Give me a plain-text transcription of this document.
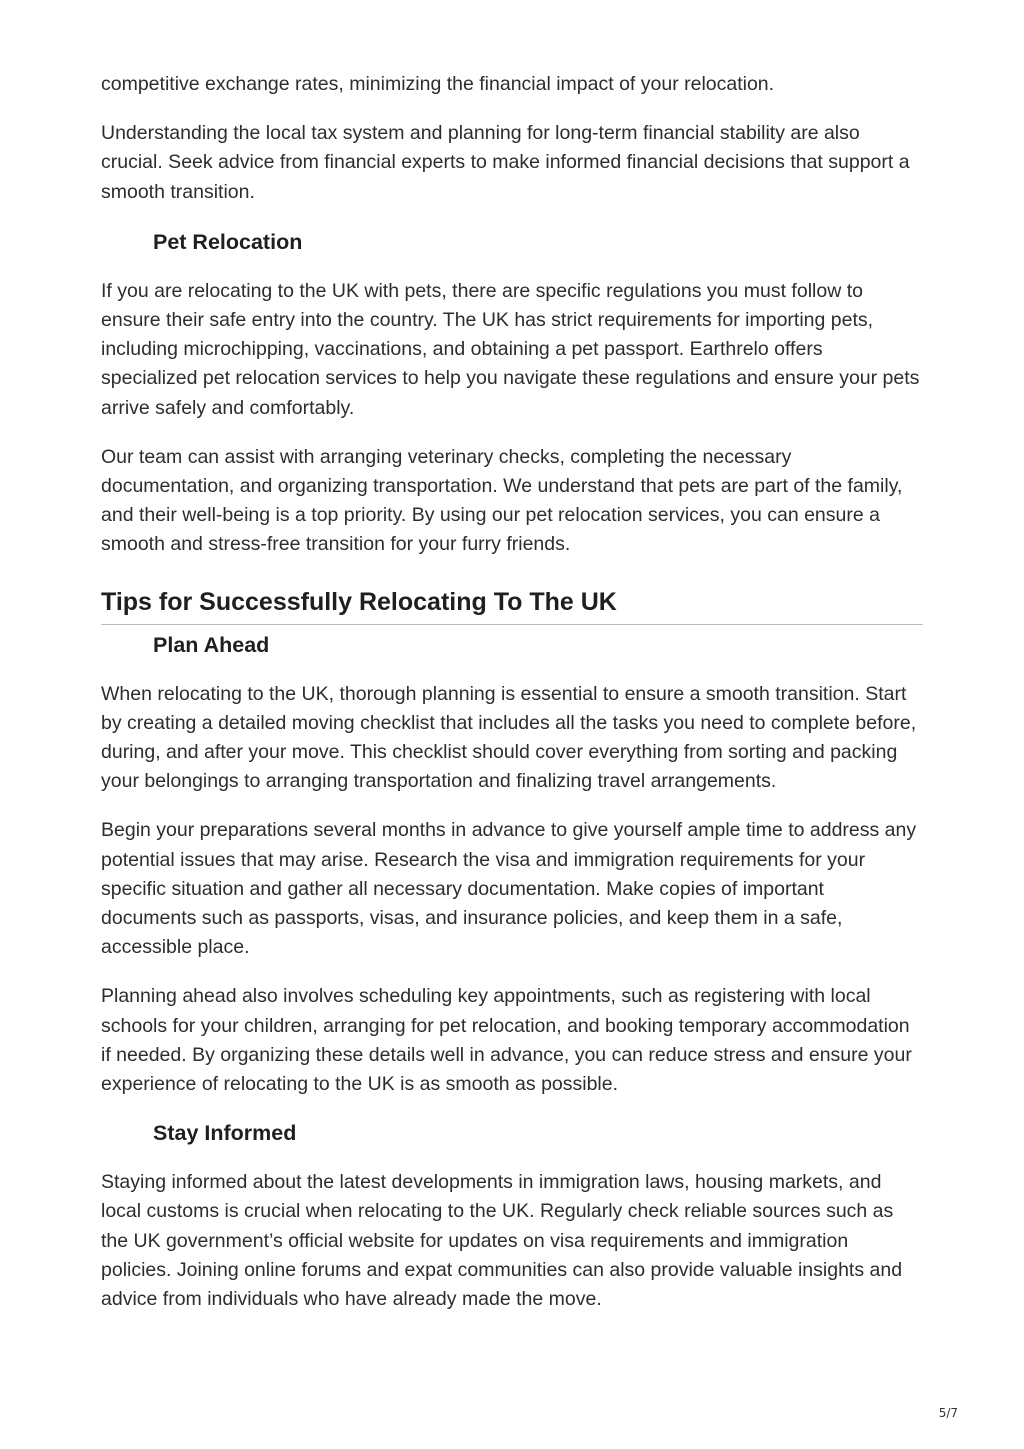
competitive exchange rates, minimizing the financial impact of your relocation.

Understanding the local tax system and planning for long-term financial stability are also crucial. Seek advice from financial experts to make informed financial decisions that support a smooth transition.

Pet Relocation

If you are relocating to the UK with pets, there are specific regulations you must follow to ensure their safe entry into the country. The UK has strict requirements for importing pets, including microchipping, vaccinations, and obtaining a pet passport. Earthrelo offers specialized pet relocation services to help you navigate these regulations and ensure your pets arrive safely and comfortably.

Our team can assist with arranging veterinary checks, completing the necessary documentation, and organizing transportation. We understand that pets are part of the family, and their well-being is a top priority. By using our pet relocation services, you can ensure a smooth and stress-free transition for your furry friends.

Tips for Successfully Relocating To The UK
Plan Ahead

When relocating to the UK, thorough planning is essential to ensure a smooth transition. Start by creating a detailed moving checklist that includes all the tasks you need to complete before, during, and after your move. This checklist should cover everything from sorting and packing your belongings to arranging transportation and finalizing travel arrangements.

Begin your preparations several months in advance to give yourself ample time to address any potential issues that may arise. Research the visa and immigration requirements for your specific situation and gather all necessary documentation. Make copies of important documents such as passports, visas, and insurance policies, and keep them in a safe, accessible place.

Planning ahead also involves scheduling key appointments, such as registering with local schools for your children, arranging for pet relocation, and booking temporary accommodation if needed. By organizing these details well in advance, you can reduce stress and ensure your experience of relocating to the UK is as smooth as possible.

Stay Informed

Staying informed about the latest developments in immigration laws, housing markets, and local customs is crucial when relocating to the UK. Regularly check reliable sources such as the UK government’s official website for updates on visa requirements and immigration policies. Joining online forums and expat communities can also provide valuable insights and advice from individuals who have already made the move.

5/7
